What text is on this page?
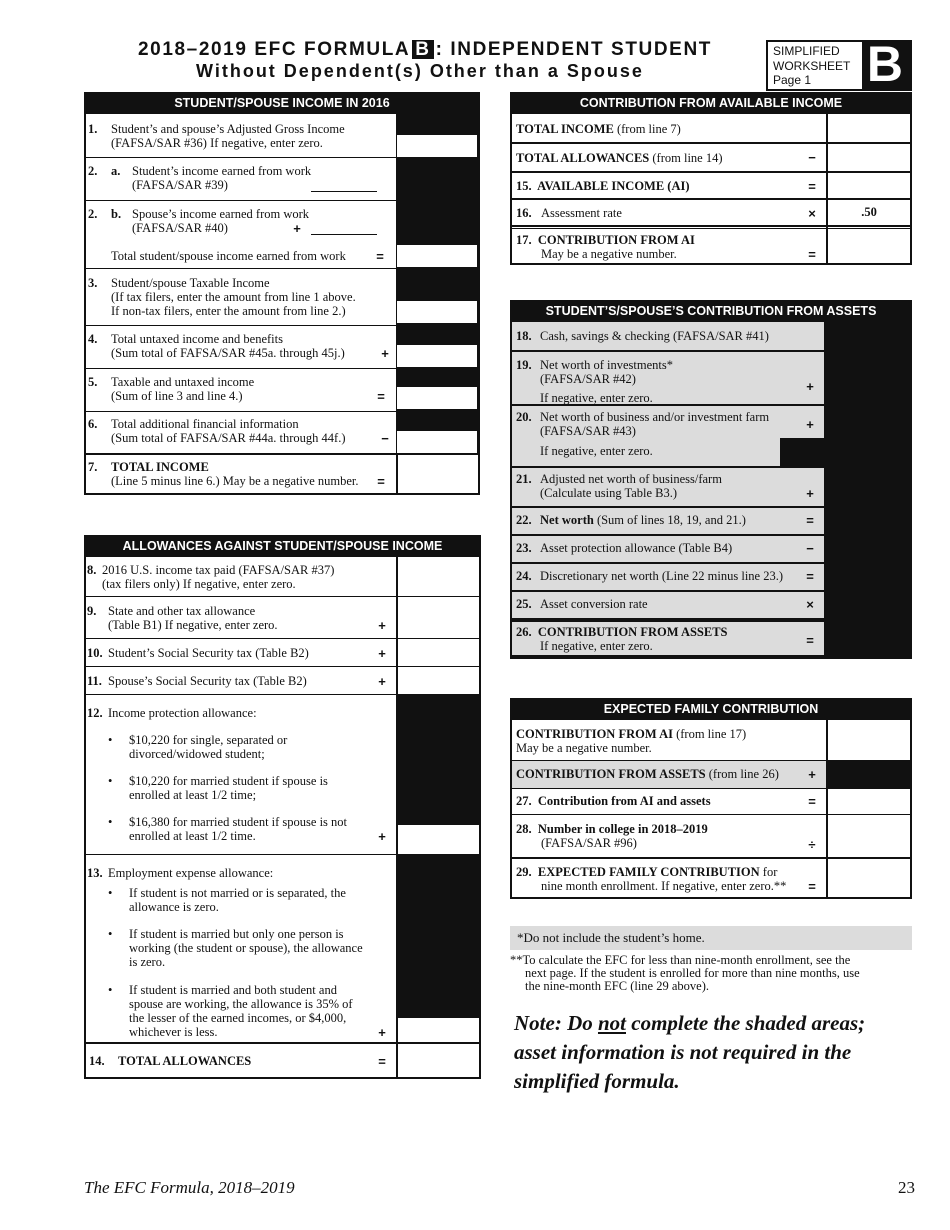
2018–2019 EFC FORMULA B : INDEPENDENT STUDENT
Without Dependent(s) Other than a Spouse
SIMPLIFIED
WORKSHEET
Page 1	B
STUDENT/SPOUSE INCOME IN 2016
1. Student’s and spouse’s Adjusted Gross Income
(FAFSA/SAR #36) If negative, enter zero.
2. a. Student’s income earned from work
(FAFSA/SAR #39)
2. b. Spouse’s income earned from work
(FAFSA/SAR #40)	+
Total student/spouse income earned from work =
3. Student/spouse Taxable Income
(If tax filers, enter the amount from line 1 above.
If non-tax filers, enter the amount from line 2.)
4. Total untaxed income and benefits
(Sum total of FAFSA/SAR #45a. through 45j.)	+
5. Taxable and untaxed income
(Sum of line 3 and line 4.)	=
6. Total additional financial information
(Sum total of FAFSA/SAR #44a. through 44f.)	−
7. TOTAL INCOME
(Line 5 minus line 6.) May be a negative number. =
ALLOWANCES AGAINST STUDENT/SPOUSE INCOME
8. 2016 U.S. income tax paid (FAFSA/SAR #37)
(tax filers only) If negative, enter zero.
9. State and other tax allowance
(Table B1) If negative, enter zero.	+
10. Student’s Social Security tax (Table B2)	+
11. Spouse’s Social Security tax (Table B2)	+
12. Income protection allowance:
• $10,220 for single, separated or
divorced/widowed student;
• $10,220 for married student if spouse is
enrolled at least 1/2 time;
• $16,380 for married student if spouse is not
enrolled at least 1/2 time.	+
13. Employment expense allowance:
• If student is not married or is separated, the
allowance is zero.
• If student is married but only one person is
working (the student or spouse), the allowance
is zero.
• If student is married and both student and
spouse are working, the allowance is 35% of
the lesser of the earned incomes, or $4,000,
whichever is less.	+
14. TOTAL ALLOWANCES	=
CONTRIBUTION FROM AVAILABLE INCOME
TOTAL INCOME (from line 7)
TOTAL ALLOWANCES (from line 14)	−
15.  AVAILABLE INCOME (AI)	=
16. Assessment rate	×	.50
17.  CONTRIBUTION FROM AI
May be a negative number.	=
STUDENT’S/SPOUSE’S CONTRIBUTION FROM ASSETS
18. Cash, savings & checking (FAFSA/SAR #41)
19. Net worth of investments*
(FAFSA/SAR #42)
If negative, enter zero.
+
20. Net worth of business and/or investment farm
(FAFSA/SAR #43)	+
If negative, enter zero.
21. Adjusted net worth of business/farm
(Calculate using Table B3.)	+
22. Net worth (Sum of lines 18, 19, and 21.)	=
23. Asset protection allowance (Table B4)	−
24. Discretionary net worth (Line 22 minus line 23.) =
25. Asset conversion rate	×
26.  CONTRIBUTION FROM ASSETS
If negative, enter zero.	=
EXPECTED FAMILY CONTRIBUTION
CONTRIBUTION FROM AI (from line 17)
May be a negative number.
CONTRIBUTION FROM ASSETS (from line 26) +
27.  Contribution from AI and assets	=
28.  Number in college in 2018–2019
(FAFSA/SAR #96)	÷
29.  EXPECTED FAMILY CONTRIBUTION for
nine month enrollment. If negative, enter zero.** =
*Do not include the student’s home.
**To calculate the EFC for less than nine-month enrollment, see the
next page. If the student is enrolled for more than nine months, use
the nine-month EFC (line 29 above).
Note: Do not complete the shaded areas;
asset information is not required in the
simplified formula.
The EFC Formula, 2018–2019	23
